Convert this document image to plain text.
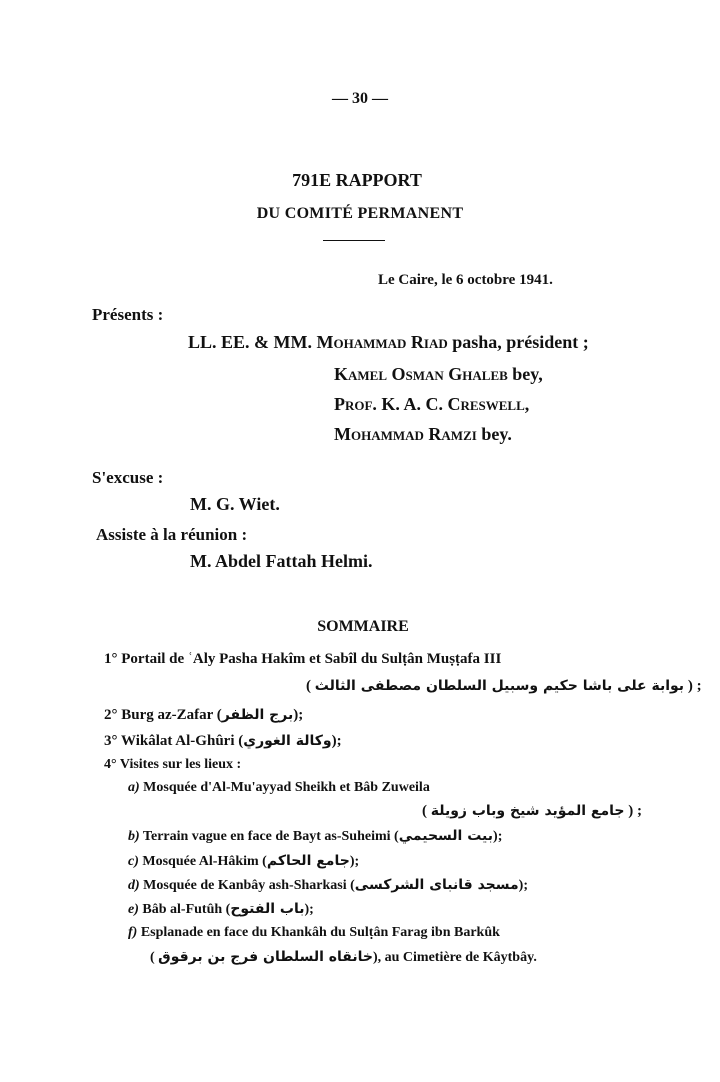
— 30 —
791E RAPPORT
DU COMITÉ PERMANENT
Le Caire, le 6 octobre 1941.
Présents :
LL. EE. & MM. Mohammad Riad pasha, président ;
Kamel Osman Ghaleb bey,
Prof. K. A. C. Creswell,
Mohammad Ramzi bey.
S'excuse :
M. G. Wiet.
Assiste à la réunion :
M. Abdel Fattah Helmi.
SOMMAIRE
1° Portail de ʿAly Pasha Hakîm et Sabîl du Sulṭân Muṣṭafa III
( بوابة على باشا حكيم وسبيل السلطان مصطفى الثالث ) ;
2° Burg az-Zafar (برج الظفر);
3° Wikâlat Al-Ghûri (وكالة الغوري);
4° Visites sur les lieux :
a) Mosquée d'Al-Mu'ayyad Sheikh et Bâb Zuweila
( جامع المؤيد شيخ وباب زويلة ) ;
b) Terrain vague en face de Bayt as-Suheimi (بيت السحيمي);
c) Mosquée Al-Hâkim (جامع الحاكم);
d) Mosquée de Kanbây ash-Sharkasi (مسجد قانباى الشركسى);
e) Bâb al-Futûh (باب الفتوح);
f) Esplanade en face du Khankâh du Sulṭân Farag ibn Barkûk
( خانقاه السلطان فرج بن برقوق), au Cimetière de Kâytbây.
